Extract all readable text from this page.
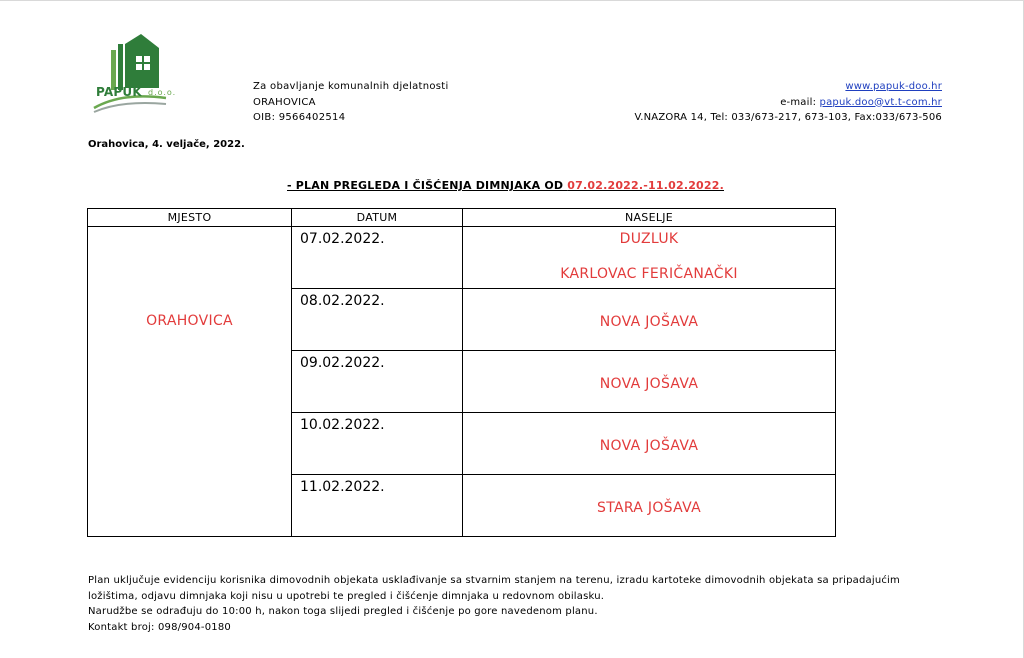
PAPUK d.o.o.
Za obavljanje komunalnih djelatnosti
ORAHOVICA
OIB: 9566402514
www.papuk-doo.hr
e-mail: papuk.doo@vt.t-com.hr
V.NAZORA 14, Tel: 033/673-217, 673-103, Fax:033/673-506
Orahovica, 4. veljače, 2022.
- PLAN PREGLEDA I ČIŠĆENJA DIMNJAKA OD 07.02.2022.-11.02.2022.
MJESTO	DATUM	NASELJE
ORAHOVICA	07.02.2022.	DUZLUK
KARLOVAC FERIČANAČKI

	08.02.2022.	NOVA JOŠAVA

	09.02.2022.	NOVA JOŠAVA

	10.02.2022.	NOVA JOŠAVA

	11.02.2022.	STARA JOŠAVA
Plan uključuje evidenciju korisnika dimovodnih objekata usklađivanje sa stvarnim stanjem na terenu, izradu kartoteke dimovodnih objekata sa pripadajućim
ložištima, odjavu dimnjaka koji nisu u upotrebi te pregled i čišćenje dimnjaka u redovnom obilasku.
Narudžbe se odrađuju do 10:00 h, nakon toga slijedi pregled i čišćenje po gore navedenom planu.
Kontakt broj: 098/904-0180
